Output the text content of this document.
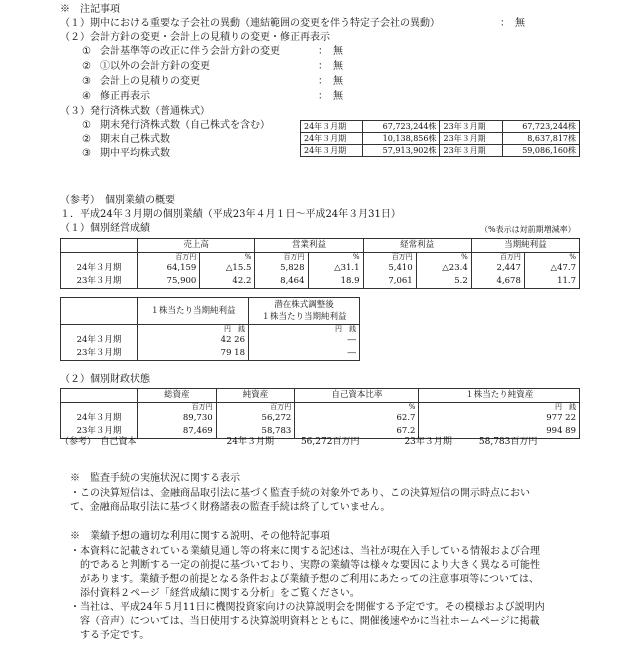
※　注記事項
（１）期中における重要な子会社の異動（連結範囲の変更を伴う特定子会社の異動）	：　無
（２）会計方針の変更・会計上の見積りの変更・修正再表示
① 会計基準等の改正に伴う会計方針の変更	：　無
② ①以外の会計方針の変更	：　無
③ 会計上の見積りの変更	：　無
④ 修正再表示	：　無
（３）発行済株式数（普通株式）
① 期末発行済株式数（自己株式を含む）
② 期末自己株式数
③ 期中平均株式数
24年３月期	67,723,244株	23年３月期	67,723,244株
24年３月期	10,138,856株	23年３月期	8,637,817株
24年３月期	57,913,902株	23年３月期	59,086,160株
（参考）　個別業績の概要
１．平成24年３月期の個別業績（平成23年４月１日～平成24年３月31日）
（１）個別経営成績	（%表示は対前期増減率）
	売上高		営業利益		経常利益		当期純利益	
	百万円	%	百万円	%	百万円	%	百万円	%
24年３月期	64,159	△15.5	5,828	△31.1	5,410	△23.4	2,447	△47.7
23年３月期	75,900	42.2	8,464	18.9	7,061	5.2	4,678	11.7
	１株当たり当期純利益	潜在株式調整後
１株当たり当期純利益

	円　銭	円　銭
24年３月期	42 26	―
23年３月期	79 18	―
（２）個別財政状態
	総資産	純資産	自己資本比率	１株当たり純資産
	百万円	百万円	%	円　銭
24年３月期	89,730	56,272	62.7	977 22
23年３月期	87,469	58,783	67.2	994 89
（参考）　自己資本　　　　　　　　　　24年３月期　　　56,272百万円　　　　　23年３月期　　　58,783百万円
※　監査手続の実施状況に関する表示
・この決算短信は、金融商品取引法に基づく監査手続の対象外であり、この決算短信の開示時点におい
て、金融商品取引法に基づく財務諸表の監査手続は終了していません。
※　業績予想の適切な利用に関する説明、その他特記事項
・本資料に記載されている業績見通し等の将来に関する記述は、当社が現在入手している情報および合理
　的であると判断する一定の前提に基づいており、実際の業績等は様々な要因により大きく異なる可能性
　があります。業績予想の前提となる条件および業績予想のご利用にあたっての注意事項等については、
　添付資料２ページ「経営成績に関する分析」をご覧ください。
・当社は、平成24年５月11日に機関投資家向けの決算説明会を開催する予定です。その模様および説明内
　容（音声）については、当日使用する決算説明資料とともに、開催後速やかに当社ホームページに掲載
　する予定です。
